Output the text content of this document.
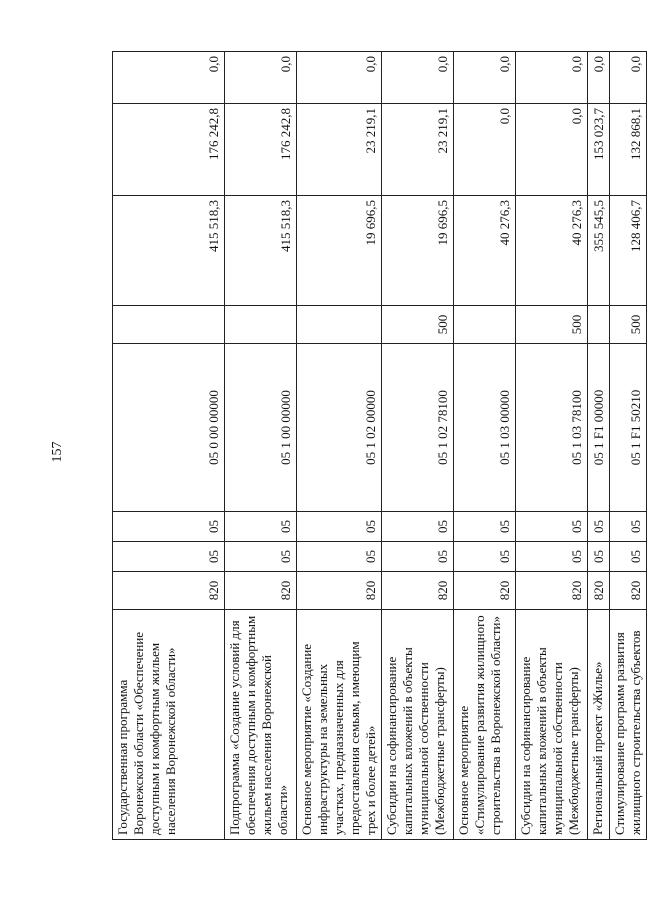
157
Государственная программа Воронежской области «Обеспечение доступным и комфортным жильем населения Воронежской области»	820	05	05	05 0 00 00000		415 518,3	176 242,8	0,0
Подпрограмма «Создание условий для обеспечения доступным и комфортным жильем населения Воронежской области»	820	05	05	05 1 00 00000		415 518,3	176 242,8	0,0
Основное мероприятие «Создание инфраструктуры на земельных участках, предназначенных для предоставления семьям, имеющим трех и более детей»	820	05	05	05 1 02 00000		19 696,5	23 219,1	0,0
Субсидии на софинансирование капитальных вложений в объекты муниципальной собственности (Межбюджетные трансферты)	820	05	05	05 1 02 78100	500	19 696,5	23 219,1	0,0
Основное мероприятие «Стимулирование развития жилищного строительства в Воронежской области»	820	05	05	05 1 03 00000		40 276,3	0,0	0,0
Субсидии на софинансирование капитальных вложений в объекты муниципальной собственности (Межбюджетные трансферты)	820	05	05	05 1 03 78100	500	40 276,3	0,0	0,0
Региональный проект «Жилье»	820	05	05	05 1 F1 00000		355 545,5	153 023,7	0,0
Стимулирование программ развития жилищного строительства субъектов	820	05	05	05 1 F1 50210	500	128 406,7	132 868,1	0,0
